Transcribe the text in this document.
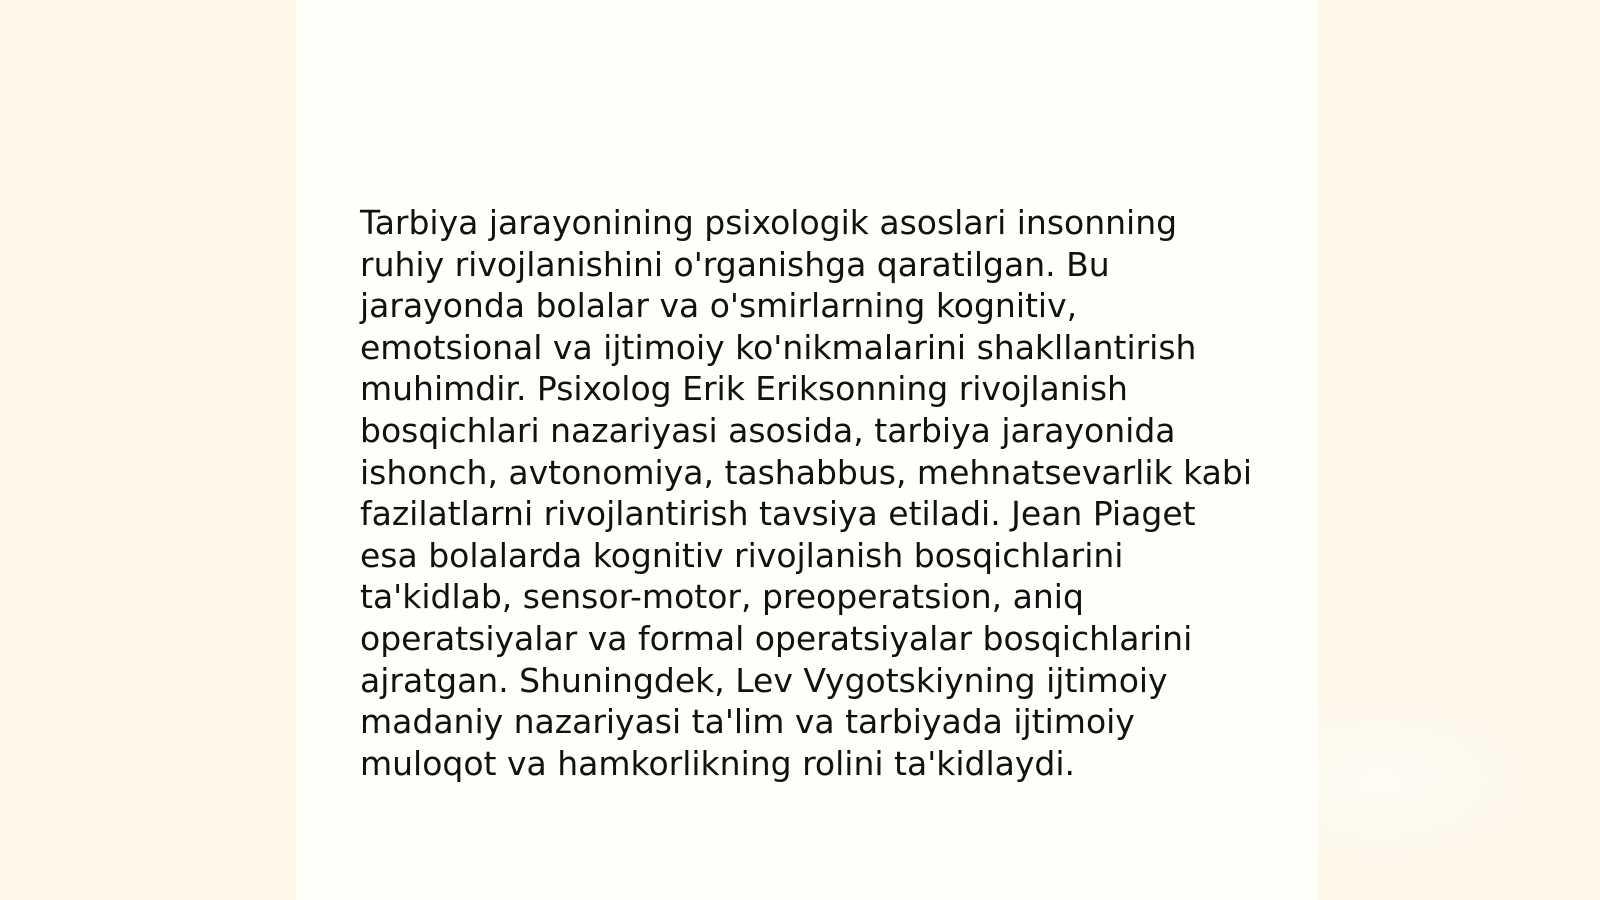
Tarbiya jarayonining psixologik asoslari insonning ruhiy rivojlanishini o'rganishga qaratilgan. Bu jarayonda bolalar va o'smirlarning kognitiv, emotsional va ijtimoiy ko'nikmalarini shakllantirish muhimdir. Psixolog Erik Eriksonning rivojlanish bosqichlari nazariyasi asosida, tarbiya jarayonida ishonch, avtonomiya, tashabbus, mehnatsevarlik kabi fazilatlarni rivojlantirish tavsiya etiladi. Jean Piaget esa bolalarda kognitiv rivojlanish bosqichlarini ta'kidlab, sensor-motor, preoperatsion, aniq operatsiyalar va formal operatsiyalar bosqichlarini ajratgan. Shuningdek, Lev Vygotskiyning ijtimoiy madaniy nazariyasi ta'lim va tarbiyada ijtimoiy muloqot va hamkorlikning rolini ta'kidlaydi.
